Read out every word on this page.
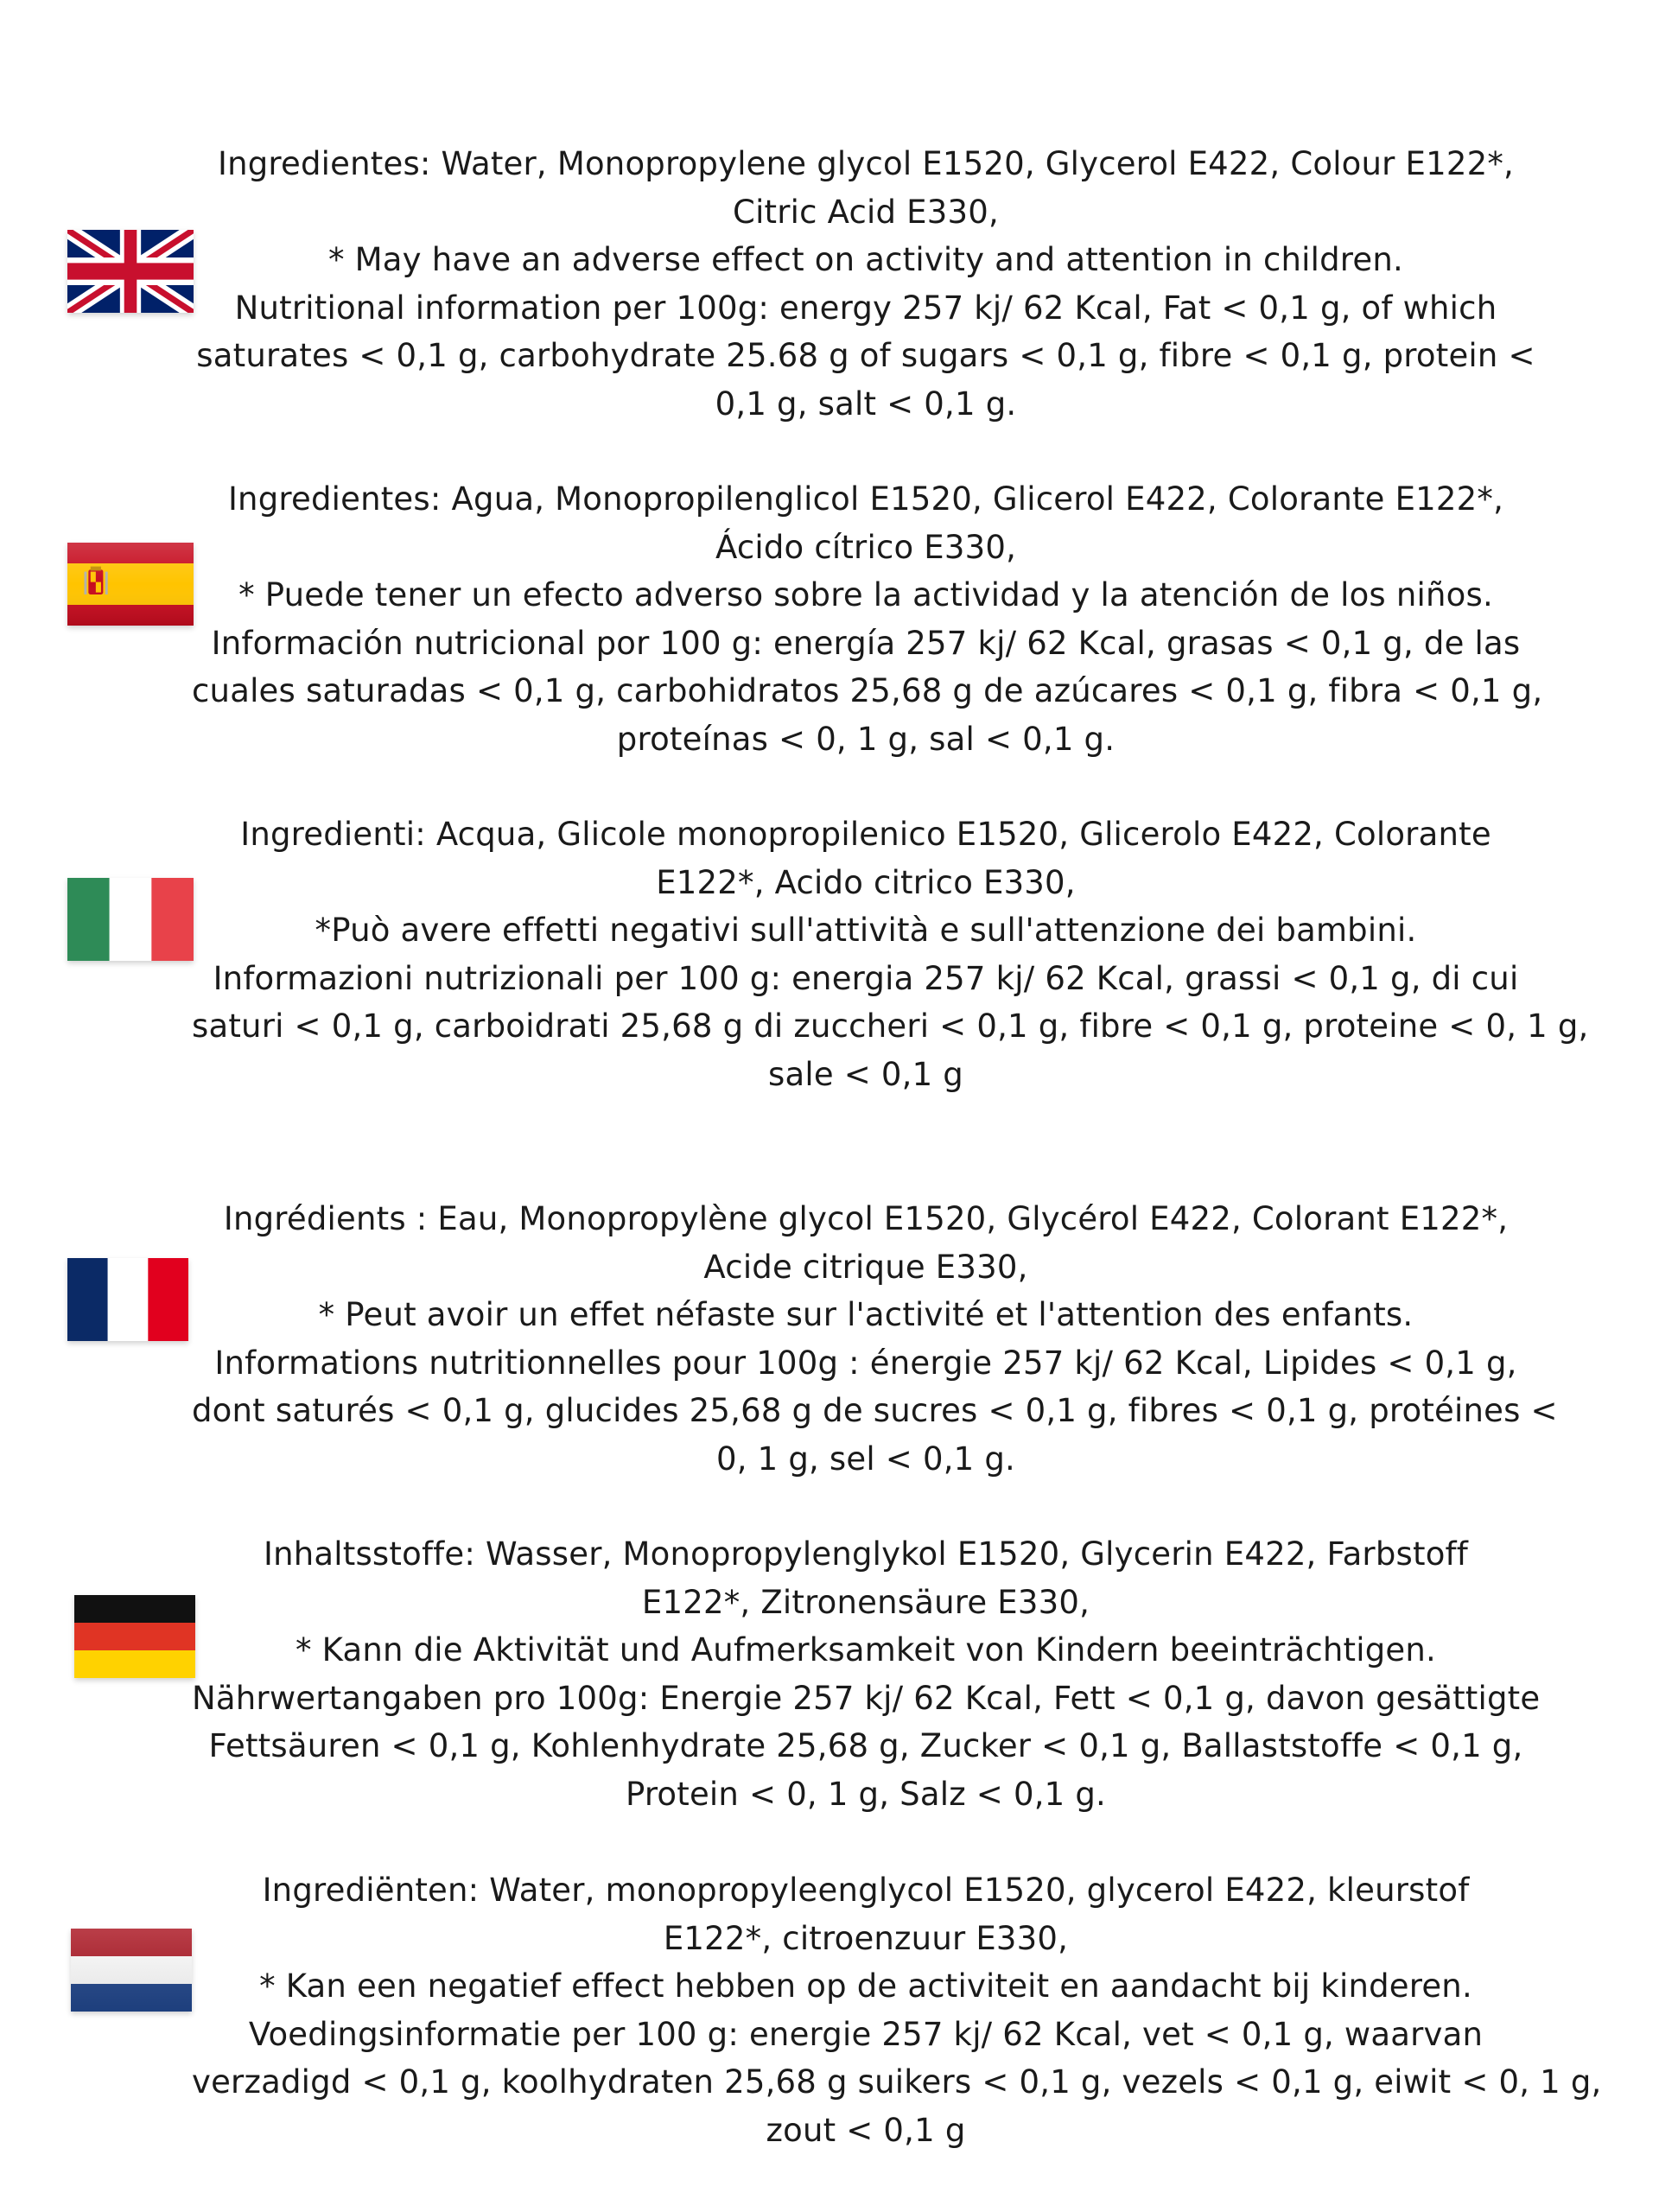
Ingredientes: Water, Monopropylene glycol E1520, Glycerol E422, Colour E122*,

Citric Acid E330,

* May have an adverse effect on activity and attention in children.

Nutritional information per 100g: energy 257 kj/ 62 Kcal, Fat < 0,1 g, of which

saturates < 0,1 g, carbohydrate 25.68 g of sugars < 0,1 g, fibre < 0,1 g, protein <

0,1 g, salt < 0,1 g.

Ingredientes: Agua, Monopropilenglicol E1520, Glicerol E422, Colorante E122*,

Ácido cítrico E330,

* Puede tener un efecto adverso sobre la actividad y la atención de los niños.

Información nutricional por 100 g: energía 257 kj/ 62 Kcal, grasas < 0,1 g, de las

cuales saturadas < 0,1 g, carbohidratos 25,68 g de azúcares < 0,1 g, fibra < 0,1 g,

proteínas < 0, 1 g, sal < 0,1 g.

Ingredienti: Acqua, Glicole monopropilenico E1520, Glicerolo E422, Colorante

E122*, Acido citrico E330,

*Può avere effetti negativi sull'attività e sull'attenzione dei bambini.

Informazioni nutrizionali per 100 g: energia 257 kj/ 62 Kcal, grassi < 0,1 g, di cui

saturi < 0,1 g, carboidrati 25,68 g di zuccheri < 0,1 g, fibre < 0,1 g, proteine < 0, 1 g,

sale < 0,1 g

Ingrédients : Eau, Monopropylène glycol E1520, Glycérol E422, Colorant E122*,

Acide citrique E330,

* Peut avoir un effet néfaste sur l'activité et l'attention des enfants.

Informations nutritionnelles pour 100g : énergie 257 kj/ 62 Kcal, Lipides < 0,1 g,

dont saturés < 0,1 g, glucides 25,68 g de sucres < 0,1 g, fibres < 0,1 g, protéines <

0, 1 g, sel < 0,1 g.

Inhaltsstoffe: Wasser, Monopropylenglykol E1520, Glycerin E422, Farbstoff

E122*, Zitronensäure E330,

* Kann die Aktivität und Aufmerksamkeit von Kindern beeinträchtigen.

Nährwertangaben pro 100g: Energie 257 kj/ 62 Kcal, Fett < 0,1 g, davon gesättigte

Fettsäuren < 0,1 g, Kohlenhydrate 25,68 g, Zucker < 0,1 g, Ballaststoffe < 0,1 g,

Protein < 0, 1 g, Salz < 0,1 g.

Ingrediënten: Water, monopropyleenglycol E1520, glycerol E422, kleurstof

E122*, citroenzuur E330,

* Kan een negatief effect hebben op de activiteit en aandacht bij kinderen.

Voedingsinformatie per 100 g: energie 257 kj/ 62 Kcal, vet < 0,1 g, waarvan

verzadigd < 0,1 g, koolhydraten 25,68 g suikers < 0,1 g, vezels < 0,1 g, eiwit < 0, 1 g,

zout < 0,1 g
